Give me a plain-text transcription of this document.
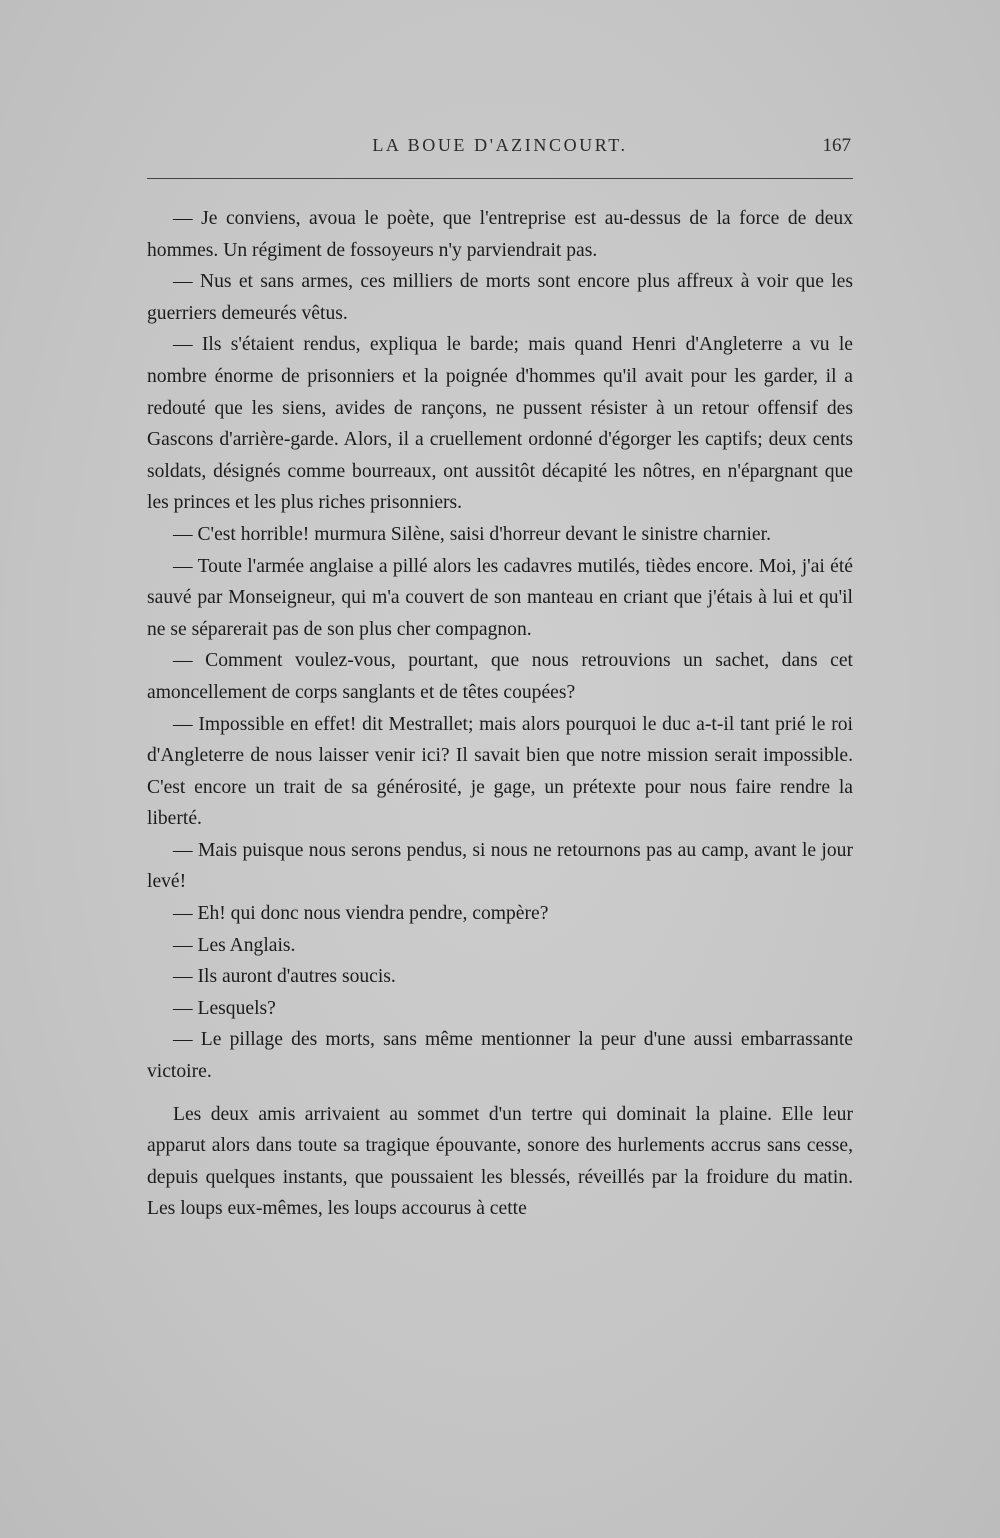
LA BOUE D'AZINCOURT.	167

— Je conviens, avoua le poète, que l'entreprise est au-dessus de la force de deux hommes. Un régiment de fossoyeurs n'y parviendrait pas.

— Nus et sans armes, ces milliers de morts sont encore plus affreux à voir que les guerriers demeurés vêtus.

— Ils s'étaient rendus, expliqua le barde; mais quand Henri d'Angleterre a vu le nombre énorme de prisonniers et la poignée d'hommes qu'il avait pour les garder, il a redouté que les siens, avides de rançons, ne pussent résister à un retour offensif des Gascons d'arrière-garde. Alors, il a cruellement ordonné d'égorger les captifs; deux cents soldats, désignés comme bourreaux, ont aussitôt décapité les nôtres, en n'épargnant que les princes et les plus riches prisonniers.

— C'est horrible! murmura Silène, saisi d'horreur devant le sinistre charnier.

— Toute l'armée anglaise a pillé alors les cadavres mutilés, tièdes encore. Moi, j'ai été sauvé par Monseigneur, qui m'a couvert de son manteau en criant que j'étais à lui et qu'il ne se séparerait pas de son plus cher compagnon.

— Comment voulez-vous, pourtant, que nous retrouvions un sachet, dans cet amoncellement de corps sanglants et de têtes coupées?

— Impossible en effet! dit Mestrallet; mais alors pourquoi le duc a-t-il tant prié le roi d'Angleterre de nous laisser venir ici? Il savait bien que notre mission serait impossible. C'est encore un trait de sa générosité, je gage, un prétexte pour nous faire rendre la liberté.

— Mais puisque nous serons pendus, si nous ne retournons pas au camp, avant le jour levé!

— Eh! qui donc nous viendra pendre, compère?

— Les Anglais.

— Ils auront d'autres soucis.

— Lesquels?

— Le pillage des morts, sans même mentionner la peur d'une aussi embarrassante victoire.

Les deux amis arrivaient au sommet d'un tertre qui dominait la plaine. Elle leur apparut alors dans toute sa tragique épouvante, sonore des hurlements accrus sans cesse, depuis quelques instants, que poussaient les blessés, réveillés par la froidure du matin. Les loups eux-mêmes, les loups accourus à cette
